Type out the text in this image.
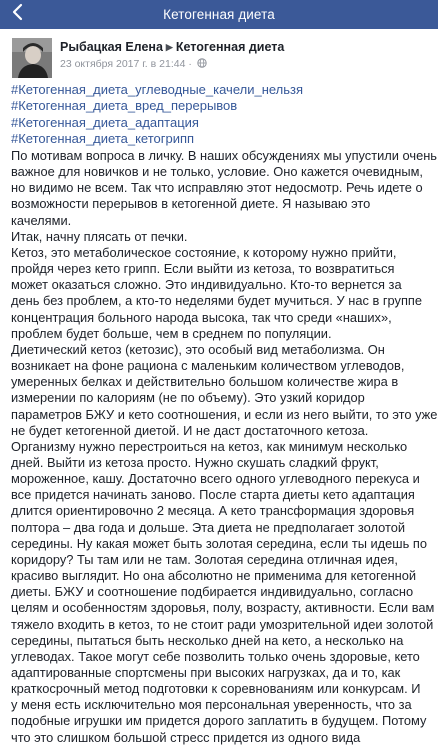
Кетогенная диета
Рыбацкая Елена ▶ Кетогенная диета
23 октября 2017 г. в 21:44 ·
#Кетогенная_диета_углеводные_качели_нельзя
#Кетогенная_диета_вред_перерывов
#Кетогенная_диета_адаптация
#Кетогенная_диета_кетогрипп
По мотивам вопроса в личку. В наших обсуждениях мы упустили очень
важное для новичков и не только, условие. Оно кажется очевидным,
но видимо не всем. Так что исправляю этот недосмотр. Речь идете о
возможности перерывов в кетогенной диете. Я называю это
качелями.
Итак, начну плясать от печки.
Кетоз, это метаболическое состояние, к которому нужно прийти,
пройдя через кето грипп. Если выйти из кетоза, то возвратиться
может оказаться сложно. Это индивидуально. Кто-то вернется за
день без проблем, а кто-то неделями будет мучиться. У нас в группе
концентрация больного народа высока, так что среди «наших»,
проблем будет больше, чем в среднем по популяции.
Диетический кетоз (кетозис), это особый вид метаболизма. Он
возникает на фоне рациона с маленьким количеством углеводов,
умеренных белках и действительно большом количестве жира в
измерении по калориям (не по объему). Это узкий коридор
параметров БЖУ и кето соотношения, и если из него выйти, то это уже
не будет кетогенной диетой. И не даст достаточного кетоза.
Организму нужно перестроиться на кетоз, как минимум несколько
дней. Выйти из кетоза просто. Нужно скушать сладкий фрукт,
мороженное, кашу. Достаточно всего одного углеводного перекуса и
все придется начинать заново. После старта диеты кето адаптация
длится ориентировочно 2 месяца. А кето трансформация здоровья
полтора – два года и дольше. Эта диета не предполагает золотой
середины. Ну какая может быть золотая середина, если ты идешь по
коридору? Ты там или не там. Золотая середина отличная идея,
красиво выглядит. Но она абсолютно не применима для кетогенной
диеты. БЖУ и соотношение подбирается индивидуально, согласно
целям и особенностям здоровья, полу, возрасту, активности. Если вам
тяжело входить в кетоз, то не стоит ради умозрительной идеи золотой
середины, пытаться быть несколько дней на кето, а несколько на
углеводах. Такое могут себе позволить только очень здоровые, кето
адаптированные спортсмены при высоких нагрузках, да и то, как
краткосрочный метод подготовки к соревнованиям или конкурсам. И
у меня есть исключительно моя персональная уверенность, что за
подобные игрушки им придется дорого заплатить в будущем. Потому
что это слишком большой стресс придется из одного вида
